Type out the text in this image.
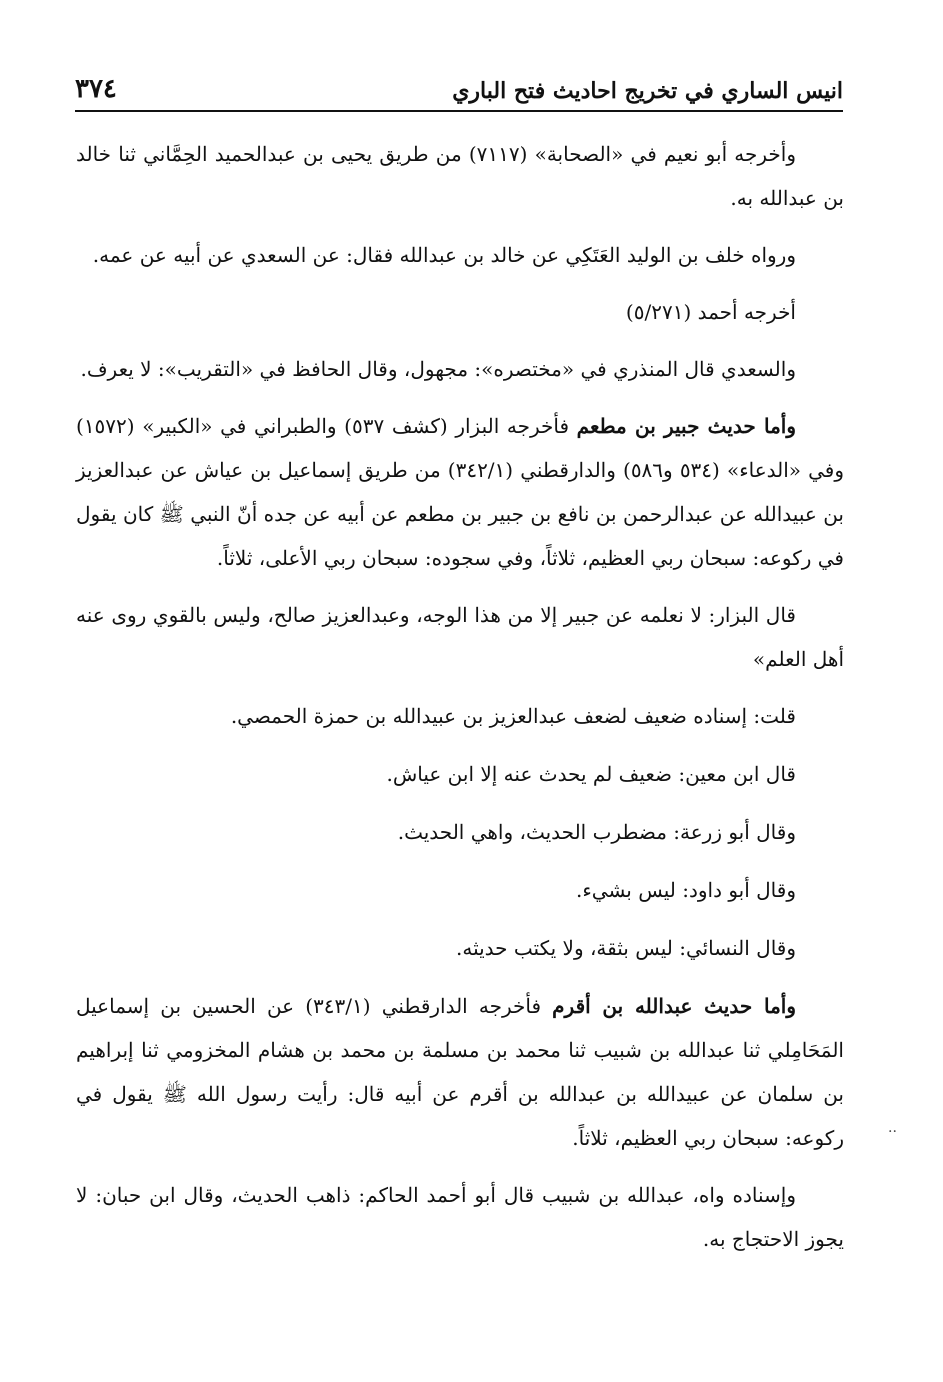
٣٧٤	انيس الساري في تخريج احاديث فتح الباري

وأخرجه أبو نعيم في «الصحابة» (٧١١٧) من طريق يحيى بن عبدالحميد الحِمَّاني ثنا خالد بن عبدالله به.

ورواه خلف بن الوليد العَتَكِي عن خالد بن عبدالله فقال: عن السعدي عن أبيه عن عمه.

أخرجه أحمد (٥/٢٧١)

والسعدي قال المنذري في «مختصره»: مجهول، وقال الحافظ في «التقريب»: لا يعرف.

وأما حديث جبير بن مطعم فأخرجه البزار (كشف ٥٣٧) والطبراني في «الكبير» (١٥٧٢) وفي «الدعاء» (٥٣٤ و٥٨٦) والدارقطني (٣٤٢/١) من طريق إسماعيل بن عياش عن عبدالعزيز بن عبيدالله عن عبدالرحمن بن نافع بن جبير بن مطعم عن أبيه عن جده أنّ النبي ﷺ كان يقول في ركوعه: سبحان ربي العظيم، ثلاثاً، وفي سجوده: سبحان ربي الأعلى، ثلاثاً.

قال البزار: لا نعلمه عن جبير إلا من هذا الوجه، وعبدالعزيز صالح، وليس بالقوي روى عنه أهل العلم»

قلت: إسناده ضعيف لضعف عبدالعزيز بن عبيدالله بن حمزة الحمصي.

قال ابن معين: ضعيف لم يحدث عنه إلا ابن عياش.

وقال أبو زرعة: مضطرب الحديث، واهي الحديث.

وقال أبو داود: ليس بشيء.

وقال النسائي: ليس بثقة، ولا يكتب حديثه.

وأما حديث عبدالله بن أقرم فأخرجه الدارقطني (٣٤٣/١) عن الحسين بن إسماعيل المَحَامِلي ثنا عبدالله بن شبيب ثنا محمد بن مسلمة بن محمد بن هشام المخزومي ثنا إبراهيم بن سلمان عن عبيدالله بن عبدالله بن أقرم عن أبيه قال: رأيت رسول الله ﷺ يقول في ركوعه: سبحان ربي العظيم، ثلاثاً.

وإسناده واه، عبدالله بن شبيب قال أبو أحمد الحاكم: ذاهب الحديث، وقال ابن حبان: لا يجوز الاحتجاج به.

..
